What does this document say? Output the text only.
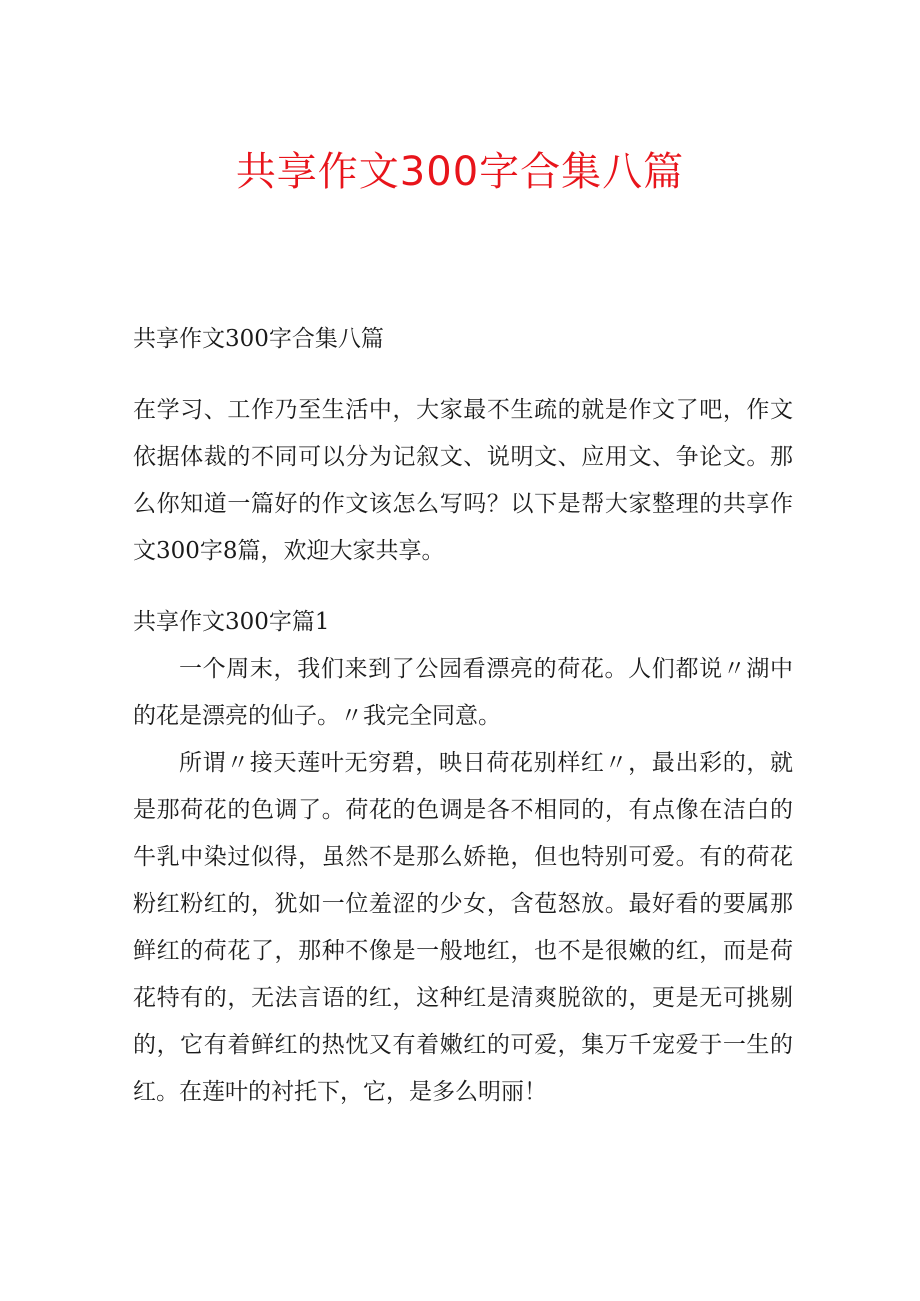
共享作文300字合集八篇

共享作文300字合集八篇

在学习、工作乃至生活中，大家最不生疏的就是作文了吧，作文依据体裁的不同可以分为记叙文、说明文、应用文、争论文。那么你知道一篇好的作文该怎么写吗？以下是帮大家整理的共享作文300字8篇，欢迎大家共享。

共享作文300字篇1

一个周末，我们来到了公园看漂亮的荷花。人们都说〃湖中的花是漂亮的仙子。〃我完全同意。

所谓〃接天莲叶无穷碧，映日荷花别样红〃，最出彩的，就是那荷花的色调了。荷花的色调是各不相同的，有点像在洁白的牛乳中染过似得，虽然不是那么娇艳，但也特别可爱。有的荷花粉红粉红的，犹如一位羞涩的少女，含苞怒放。最好看的要属那鲜红的荷花了，那种不像是一般地红，也不是很嫩的红，而是荷花特有的，无法言语的红，这种红是清爽脱欲的，更是无可挑剔的，它有着鲜红的热忱又有着嫩红的可爱，集万千宠爱于一生的红。在莲叶的衬托下，它，是多么明丽！
